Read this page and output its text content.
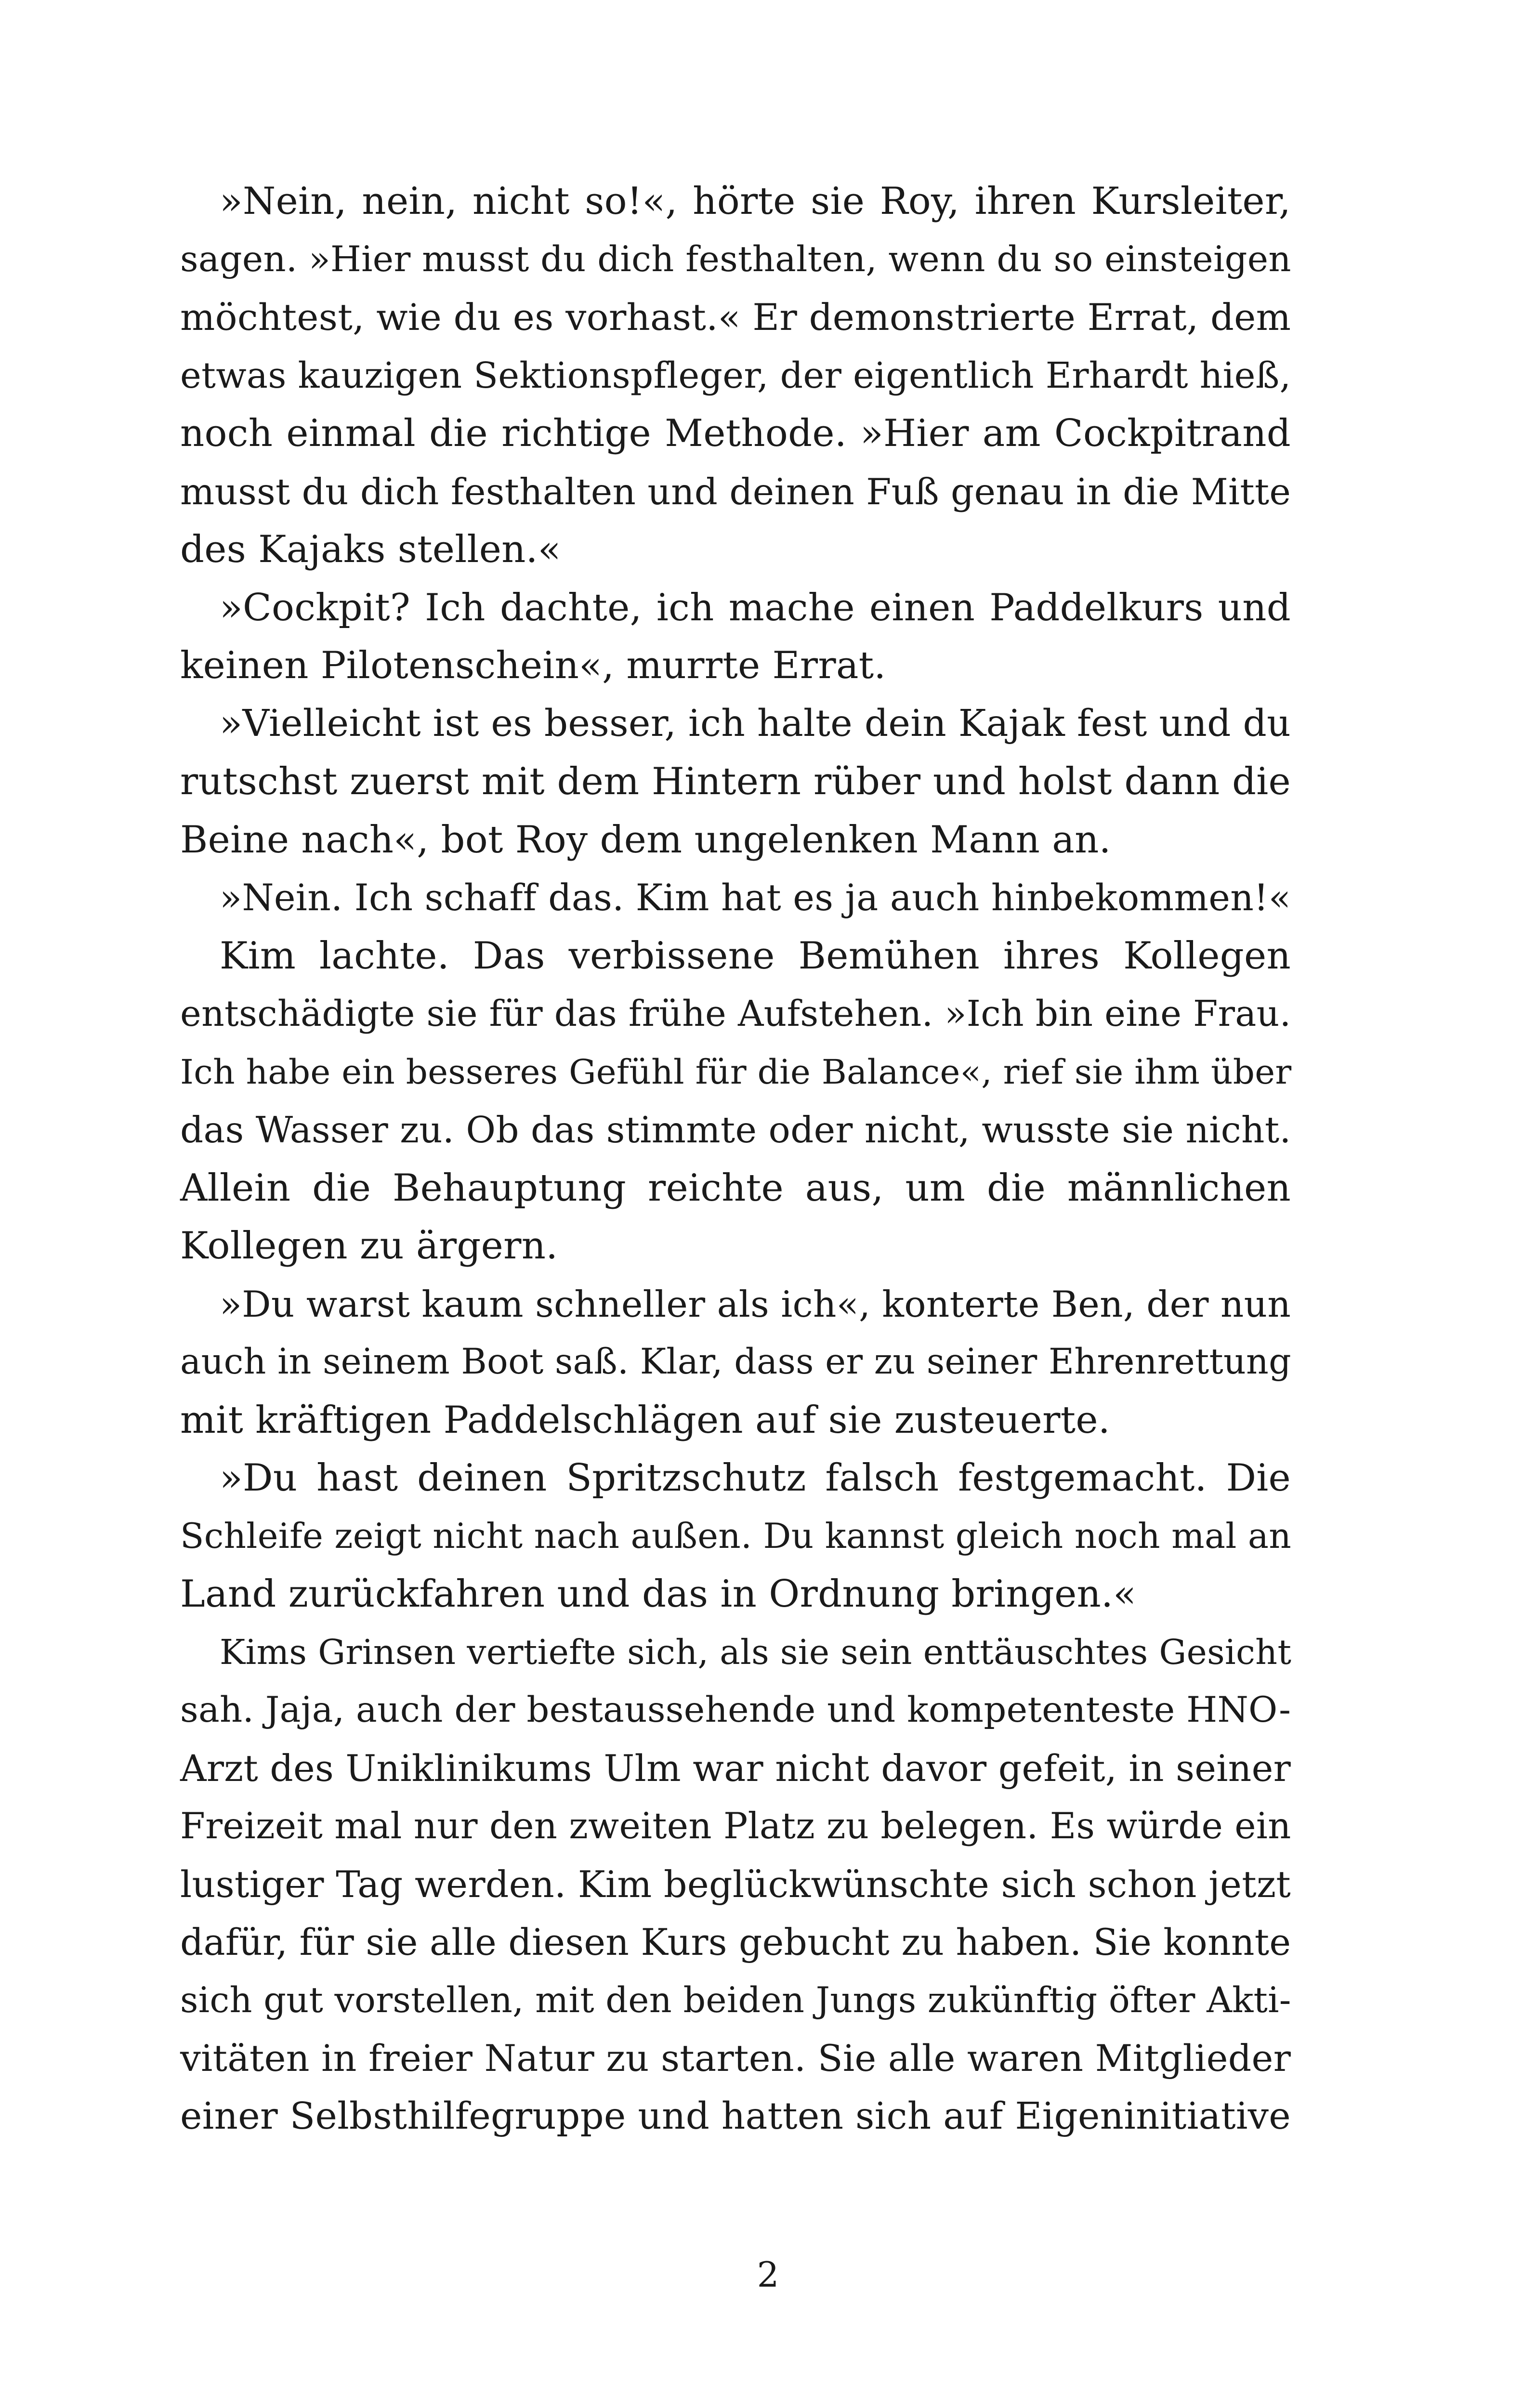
»Nein, nein, nicht so!«, hörte sie Roy, ihren Kursleiter,
sagen. »Hier musst du dich festhalten, wenn du so einsteigen
möchtest, wie du es vorhast.« Er demonstrierte Errat, dem
etwas kauzigen Sektionspfleger, der eigentlich Erhardt hieß,
noch einmal die richtige Methode. »Hier am Cockpitrand
musst du dich festhalten und deinen Fuß genau in die Mitte
des Kajaks stellen.«
»Cockpit? Ich dachte, ich mache einen Paddelkurs und
keinen Pilotenschein«, murrte Errat.
»Vielleicht ist es besser, ich halte dein Kajak fest und du
rutschst zuerst mit dem Hintern rüber und holst dann die
Beine nach«, bot Roy dem ungelenken Mann an.
»Nein. Ich schaff das. Kim hat es ja auch hinbekommen!«
Kim lachte. Das verbissene Bemühen ihres Kollegen
entschädigte sie für das frühe Aufstehen. »Ich bin eine Frau.
Ich habe ein besseres Gefühl für die Balance«, rief sie ihm über
das Wasser zu. Ob das stimmte oder nicht, wusste sie nicht.
Allein die Behauptung reichte aus, um die männlichen
Kollegen zu ärgern.
»Du warst kaum schneller als ich«, konterte Ben, der nun
auch in seinem Boot saß. Klar, dass er zu seiner Ehrenrettung
mit kräftigen Paddelschlägen auf sie zusteuerte.
»Du hast deinen Spritzschutz falsch festgemacht. Die
Schleife zeigt nicht nach außen. Du kannst gleich noch mal an
Land zurückfahren und das in Ordnung bringen.«
Kims Grinsen vertiefte sich, als sie sein enttäuschtes Gesicht
sah. Jaja, auch der bestaussehende und kompetenteste HNO-
Arzt des Uniklinikums Ulm war nicht davor gefeit, in seiner
Freizeit mal nur den zweiten Platz zu belegen. Es würde ein
lustiger Tag werden. Kim beglückwünschte sich schon jetzt
dafür, für sie alle diesen Kurs gebucht zu haben. Sie konnte
sich gut vorstellen, mit den beiden Jungs zukünftig öfter Akti-
vitäten in freier Natur zu starten. Sie alle waren Mitglieder
einer Selbsthilfegruppe und hatten sich auf Eigeninitiative
2
